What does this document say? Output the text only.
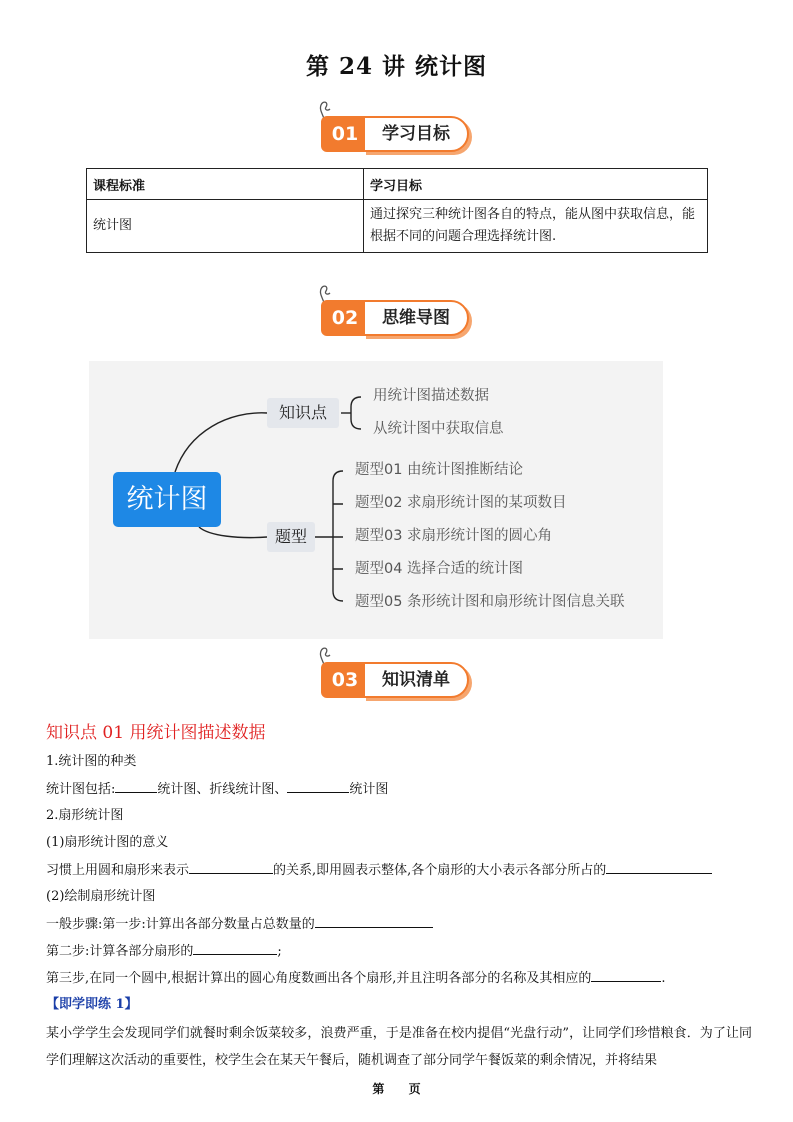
第 24 讲 统计图
01	学习目标
课程标准	学习目标
统计图	通过探究三种统计图各自的特点，能从图中获取信息，能根据不同的问题合理选择统计图.
02	思维导图
统计图
知识点
题型
用统计图描述数据
从统计图中获取信息
题型01 由统计图推断结论
题型02 求扇形统计图的某项数目
题型03 求扇形统计图的圆心角
题型04 选择合适的统计图
题型05 条形统计图和扇形统计图信息关联
03	知识清单
知识点 01 用统计图描述数据
1.统计图的种类
统计图包括:	统计图、折线统计图、	统计图
2.扇形统计图
(1)扇形统计图的意义
习惯上用圆和扇形来表示	的关系,即用圆表示整体,各个扇形的大小表示各部分所占的
(2)绘制扇形统计图
一般步骤:第一步:计算出各部分数量占总数量的
第二步:计算各部分扇形的	;
第三步,在同一个圆中,根据计算出的圆心角度数画出各个扇形,并且注明各部分的名称及其相应的	.
【即学即练 1】
某小学学生会发现同学们就餐时剩余饭菜较多，浪费严重，于是准备在校内提倡“光盘行动”，让同学们珍惜粮食．为了让同学们理解这次活动的重要性，校学生会在某天午餐后，随机调查了部分同学午餐饭菜的剩余情况，并将结果
第 页
